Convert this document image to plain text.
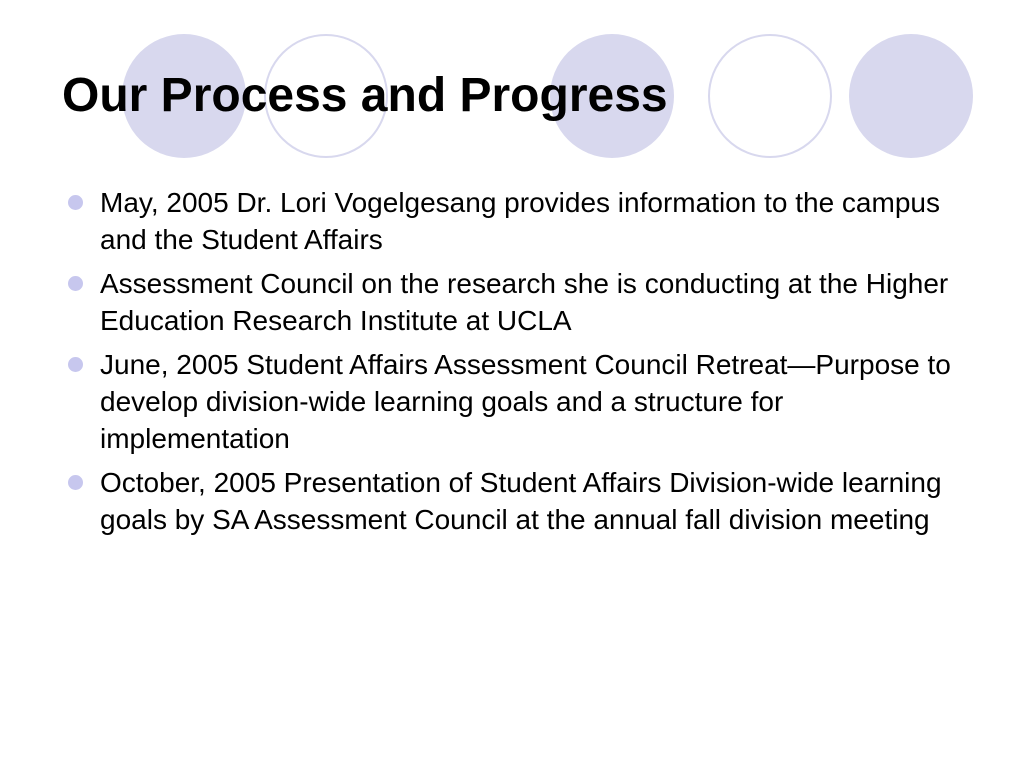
Our Process and Progress
May, 2005 Dr. Lori Vogelgesang provides information to the campus and the Student Affairs
Assessment Council on the research she is conducting at the Higher Education Research Institute at UCLA
June, 2005 Student Affairs Assessment Council Retreat—Purpose to develop division-wide learning goals and a structure for implementation
October, 2005 Presentation of Student Affairs Division-wide learning goals by SA Assessment Council at the annual fall division meeting
